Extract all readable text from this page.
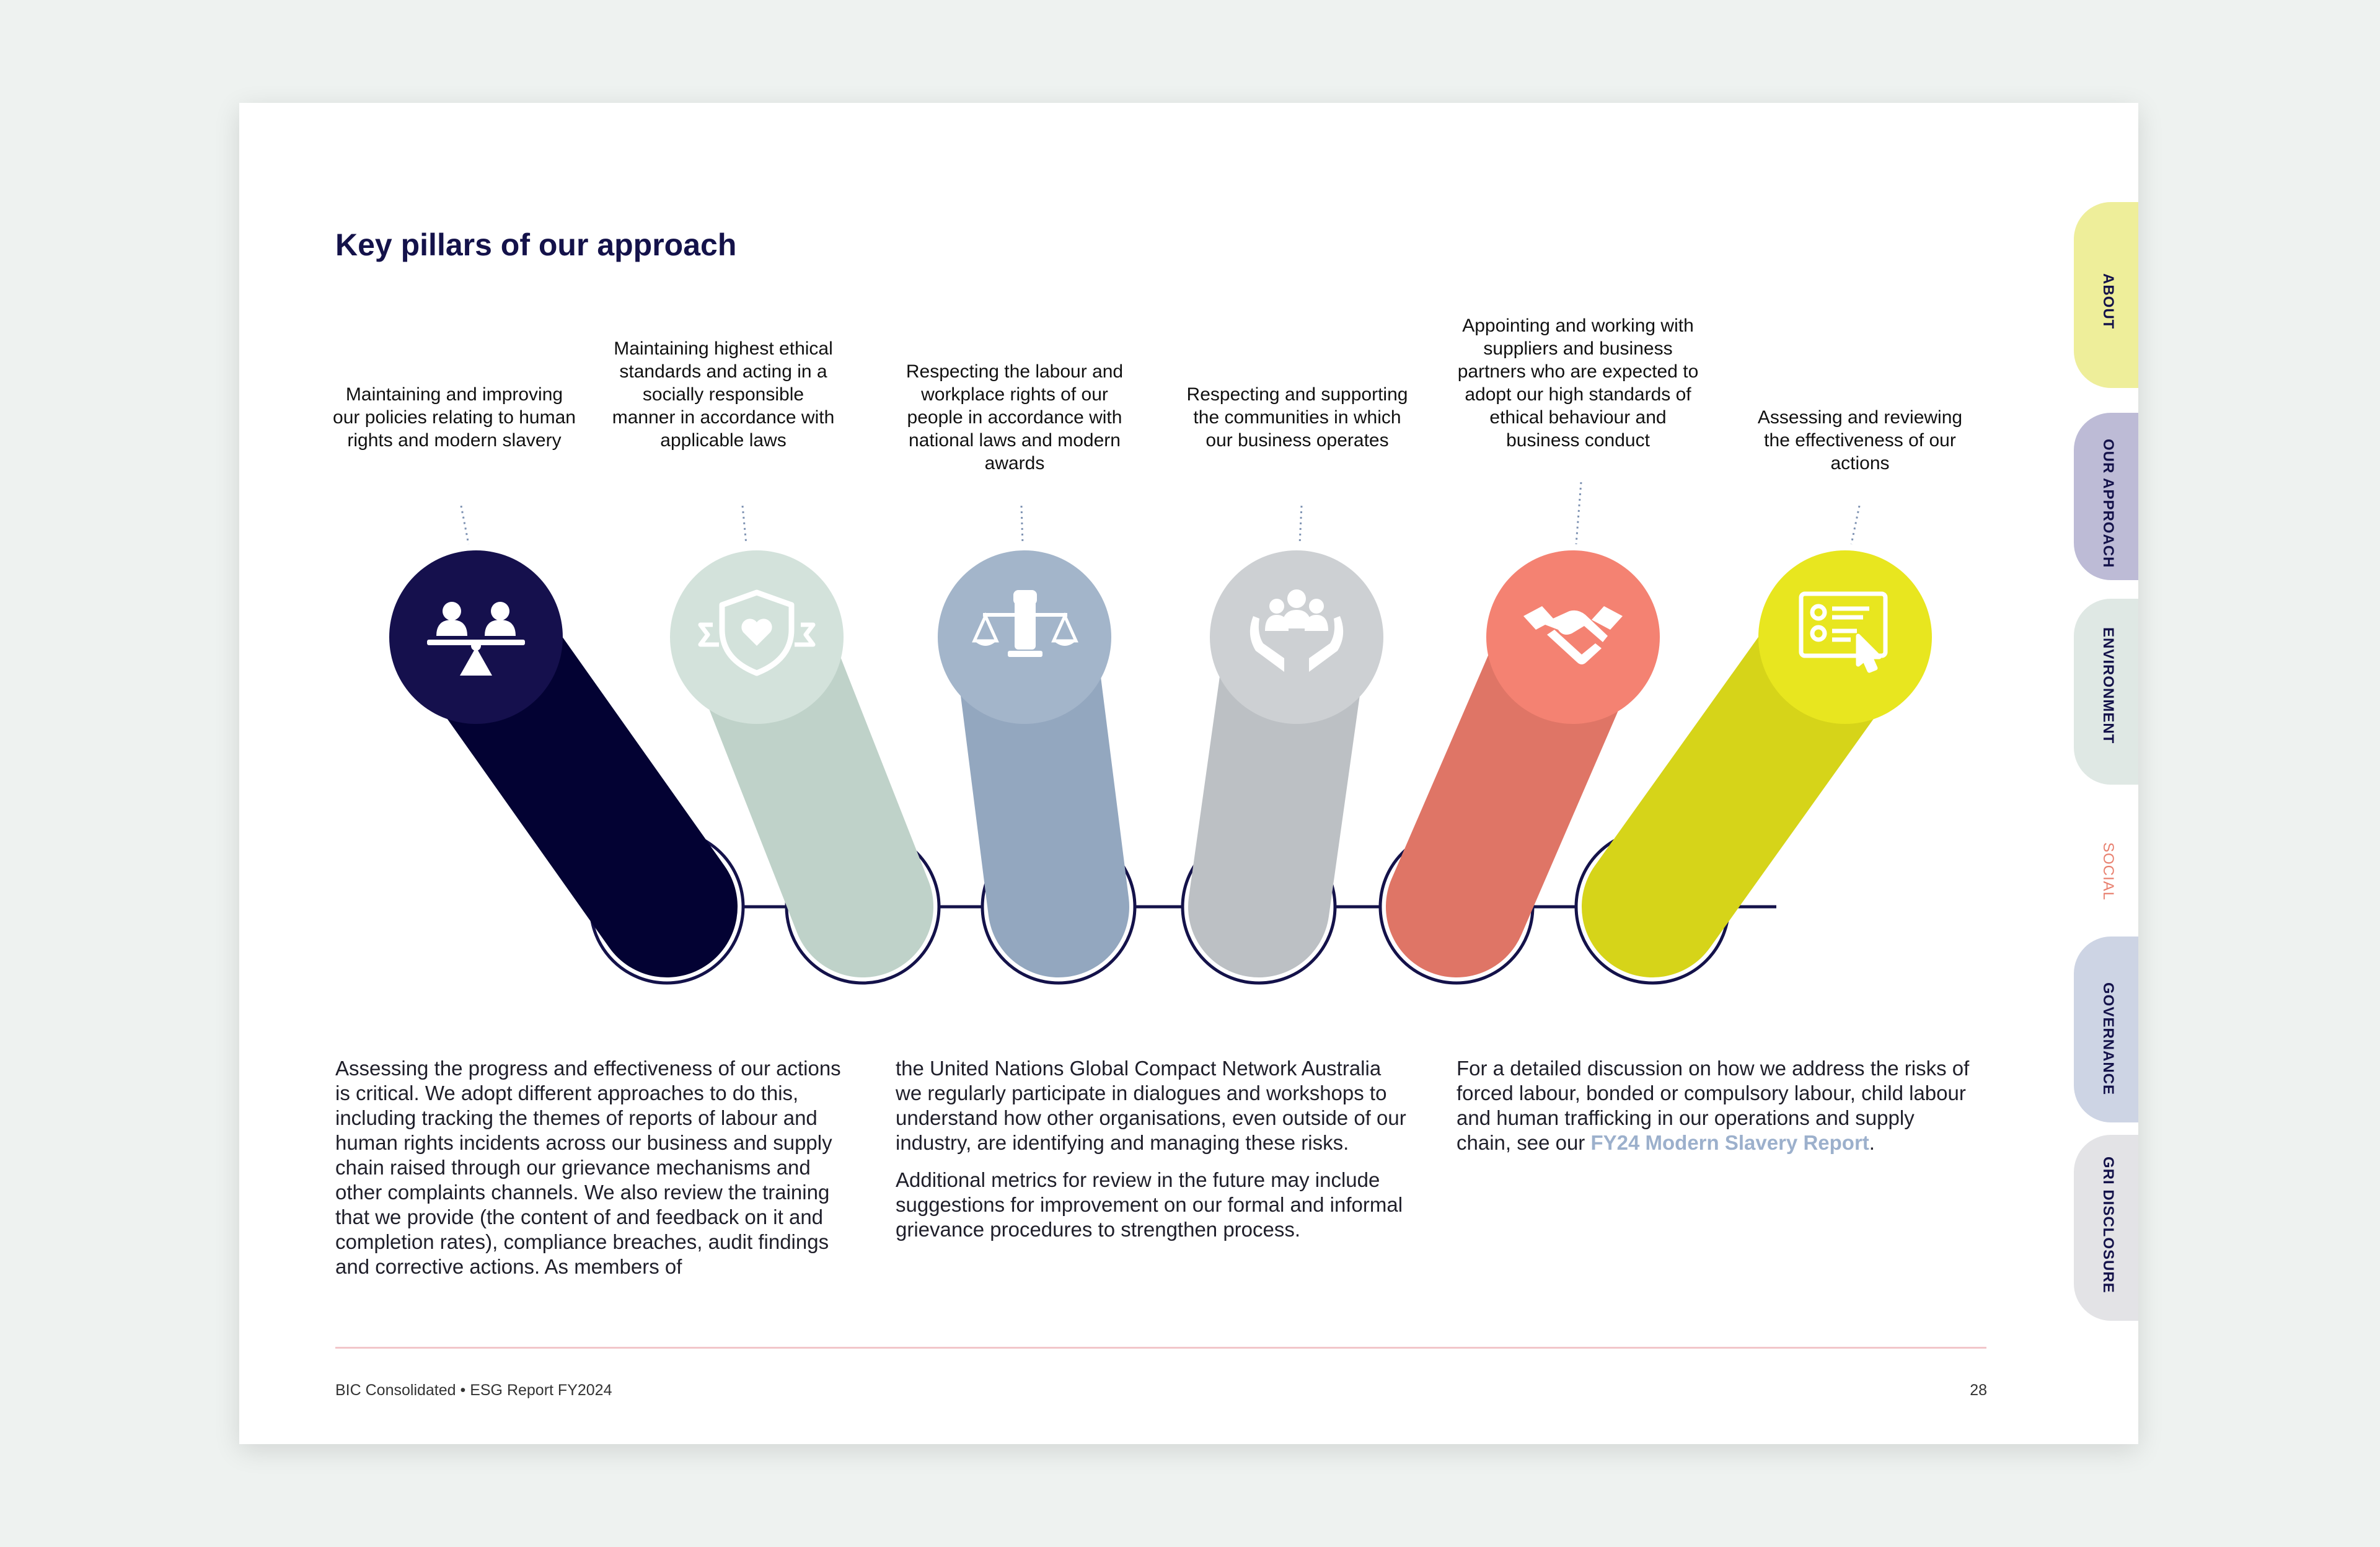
Key pillars of our approach
Maintaining and improving our policies relating to human rights and modern slavery
Maintaining highest ethical standards and acting in a socially responsible manner in accordance with applicable laws
Respecting the labour and workplace rights of our people in accordance with national laws and modern awards
Respecting and supporting the communities in which our business operates
Appointing and working with suppliers and business partners who are expected to adopt our high standards of ethical behaviour and business conduct
Assessing and reviewing the effectiveness of our actions

Assessing the progress and effectiveness of our actions is critical. We adopt different approaches to do this, including tracking the themes of reports of labour and human rights incidents across our business and supply chain raised through our grievance mechanisms and other complaints channels. We also review the training that we provide (the content of and feedback on it and completion rates), compliance breaches, audit findings and corrective actions. As members of

the United Nations Global Compact Network Australia we regularly participate in dialogues and workshops to understand how other organisations, even outside of our industry, are identifying and managing these risks.

Additional metrics for review in the future may include suggestions for improvement on our formal and informal grievance procedures to strengthen process.

For a detailed discussion on how we address the risks of forced labour, bonded or compulsory labour, child labour and human trafficking in our operations and supply chain, see our FY24 Modern Slavery Report.

BIC Consolidated • ESG Report FY2024	28
ABOUT
OUR APPROACH
ENVIRONMENT
SOCIAL
GOVERNANCE
GRI DISCLOSURE
